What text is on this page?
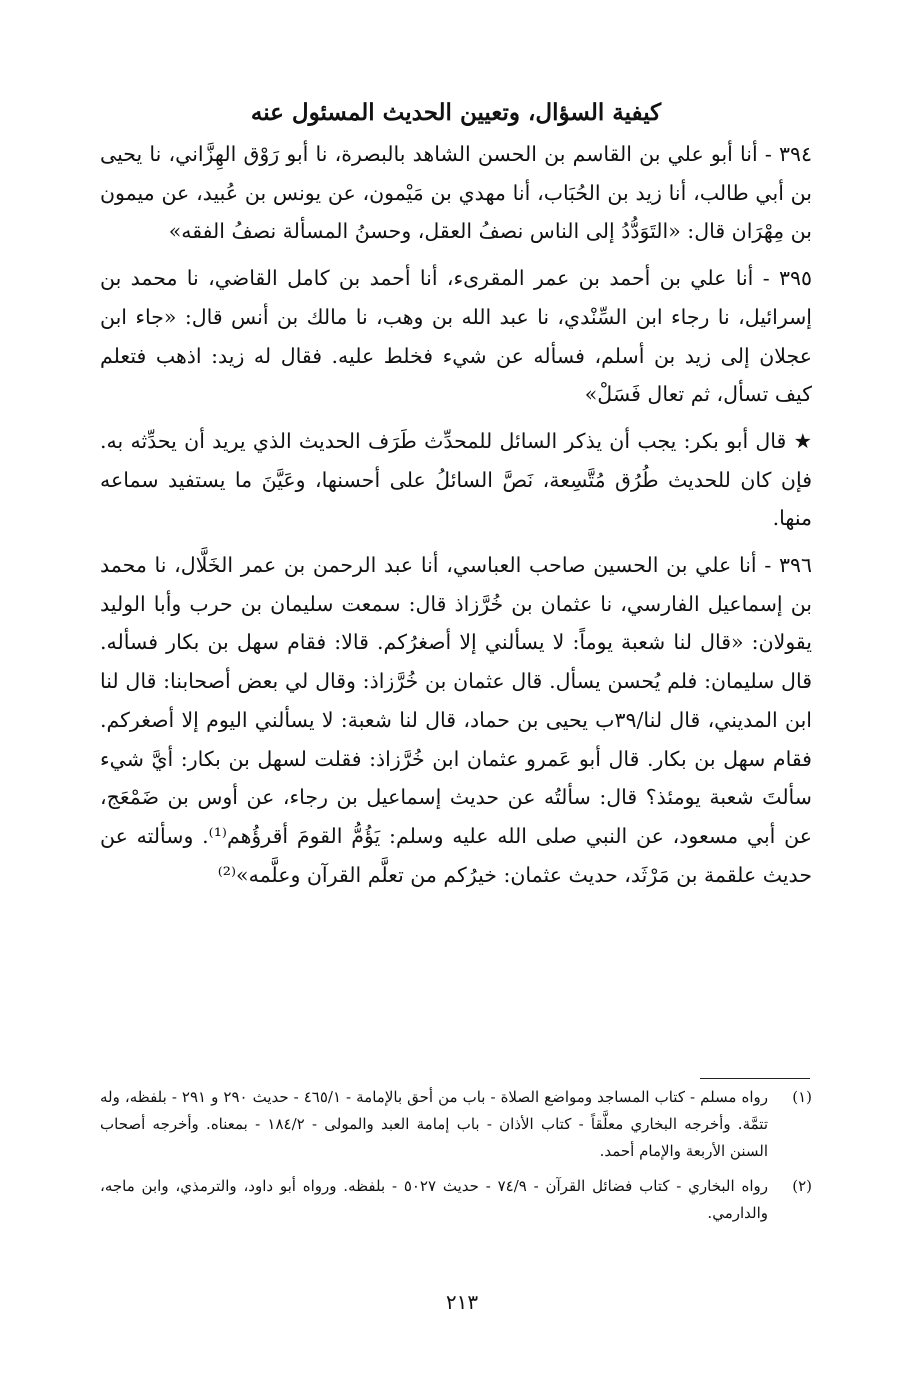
كيفية السؤال، وتعيين الحديث المسئول عنه

٣٩٤ - أنا أبو علي بن القاسم بن الحسن الشاهد بالبصرة، نا أبو رَوْق الهِزَّاني، نا يحيى بن أبي طالب، أنا زيد بن الحُبَاب، أنا مهدي بن مَيْمون، عن يونس بن عُبيد، عن ميمون بن مِهْرَان قال: «التَوَدُّدُ إلى الناس نصفُ العقل، وحسنُ المسألة نصفُ الفقه»

٣٩٥ - أنا علي بن أحمد بن عمر المقرىء، أنا أحمد بن كامل القاضي، نا محمد بن إسرائيل، نا رجاء ابن السِّنْدي، نا عبد الله بن وهب، نا مالك بن أنس قال: «جاء ابن عجلان إلى زيد بن أسلم، فسأله عن شيء فخلط عليه. فقال له زيد: اذهب فتعلم كيف تسأل، ثم تعال فَسَلْ»

★ قال أبو بكر: يجب أن يذكر السائل للمحدِّث طَرَف الحديث الذي يريد أن يحدِّثه به. فإن كان للحديث طُرُق مُتَّسِعة، نَصَّ السائلُ على أحسنها، وعَيَّنَ ما يستفيد سماعه منها.

٣٩٦ - أنا علي بن الحسين صاحب العباسي، أنا عبد الرحمن بن عمر الخَلَّال، نا محمد بن إسماعيل الفارسي، نا عثمان بن خُرَّزاذ قال: سمعت سليمان بن حرب وأبا الوليد يقولان: «قال لنا شعبة يوماً: لا يسألني إلا أصغرُكم. قالا: فقام سهل بن بكار فسأله. قال سليمان: فلم يُحسن يسأل. قال عثمان بن خُرَّزاذ: وقال لي بعض أصحابنا: قال لنا ابن المديني، قال لنا/٣٩ب يحيى بن حماد، قال لنا شعبة: لا يسألني اليوم إلا أصغركم. فقام سهل بن بكار. قال أبو عَمرو عثمان ابن خُرَّزاذ: فقلت لسهل بن بكار: أيَّ شيء سألتَ شعبة يومئذ؟ قال: سألتُه عن حديث إسماعيل بن رجاء، عن أوس بن ضَمْعَج، عن أبي مسعود، عن النبي صلى الله عليه وسلم: يَؤُمُّ القومَ أقرؤُهم⁽¹⁾. وسألته عن حديث علقمة بن مَرْثَد، حديث عثمان: خيرُكم من تعلَّم القرآن وعلَّمه»⁽²⁾

(١)
رواه مسلم - كتاب المساجد ومواضع الصلاة - باب من أحق بالإمامة - ٤٦٥/١ - حديث ٢٩٠ و ٢٩١ - بلفظه، وله تتمَّة. وأخرجه البخاري معلَّقاً - كتاب الأذان - باب إمامة العبد والمولى - ١٨٤/٢ - بمعناه. وأخرجه أصحاب السنن الأربعة والإمام أحمد.
(٢)
رواه البخاري - كتاب فضائل القرآن - ٧٤/٩ - حديث ٥٠٢٧ - بلفظه. ورواه أبو داود، والترمذي، وابن ماجه، والدارمي.
٢١٣
